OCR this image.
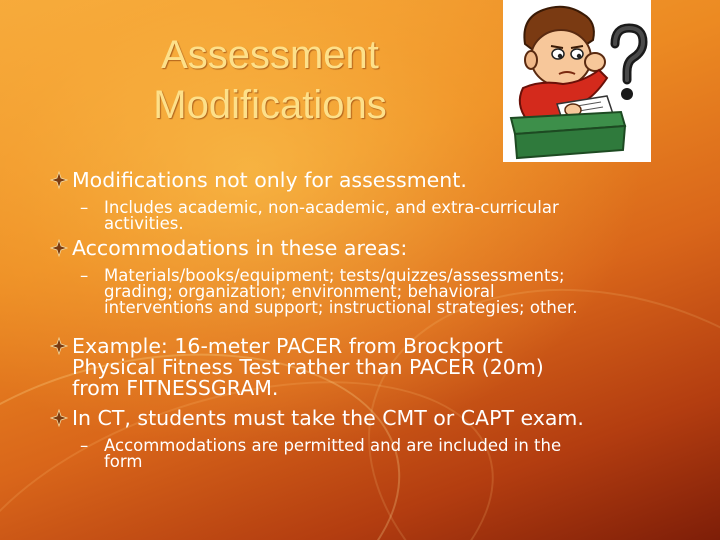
Assessment
Modifications
Modifications not only for assessment.
– Includes academic, non-academic, and extra-curricular
activities.
Accommodations in these areas:
– Materials/books/equipment; tests/quizzes/assessments;
grading; organization; environment; behavioral
interventions and support; instructional strategies; other.
Example: 16-meter PACER from Brockport
Physical Fitness Test rather than PACER (20m)
from FITNESSGRAM.
In CT, students must take the CMT or CAPT exam.
– Accommodations are permitted and are included in the
form
